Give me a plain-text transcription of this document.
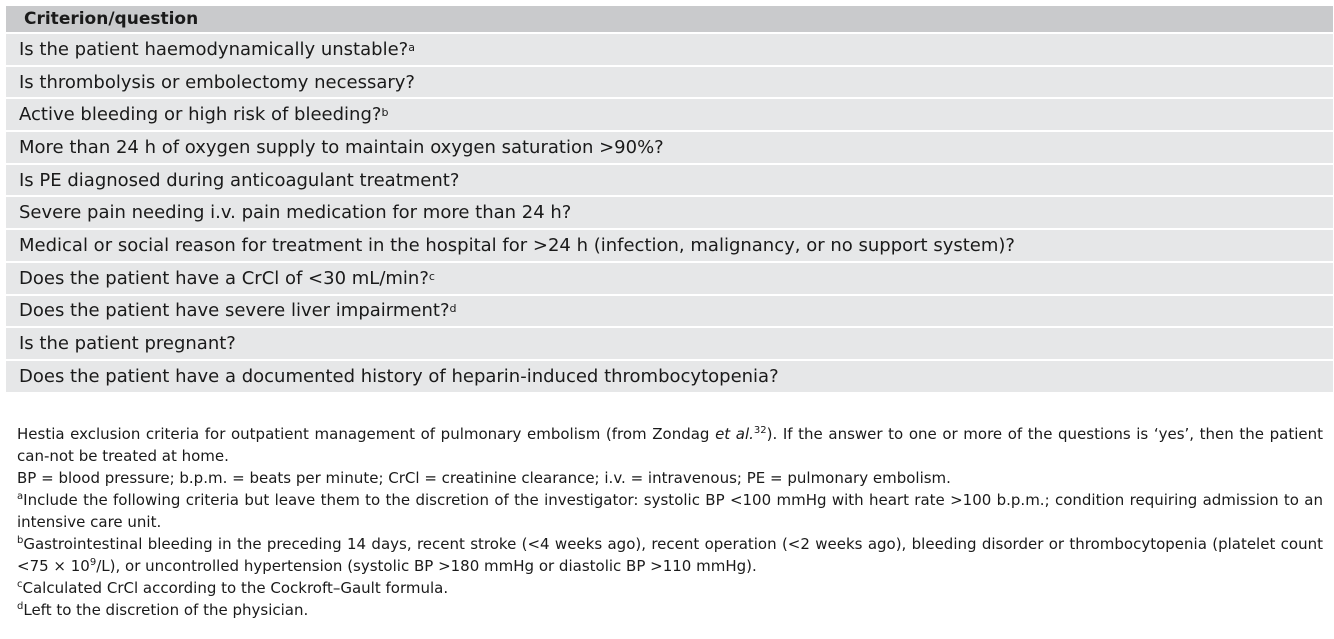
Criterion/question
Is the patient haemodynamically unstable?$^a$
Is thrombolysis or embolectomy necessary?
Active bleeding or high risk of bleeding?$^b$
More than 24 h of oxygen supply to maintain oxygen saturation >90%?
Is PE diagnosed during anticoagulant treatment?
Severe pain needing i.v. pain medication for more than 24 h?
Medical or social reason for treatment in the hospital for >24 h (infection, malignancy, or no support system)?
Does the patient have a CrCl of <30 mL/min?$^c$
Does the patient have severe liver impairment?$^d$
Is the patient pregnant?
Does the patient have a documented history of heparin-induced thrombocytopenia?

Hestia exclusion criteria for outpatient management of pulmonary embolism (from Zondag et al.$^{32}$). If the answer to one or more of the questions is ‘yes’, then the patient can-not be treated at home.

BP = blood pressure; b.p.m. = beats per minute; CrCl = creatinine clearance; i.v. = intravenous; PE = pulmonary embolism.

$^a$Include the following criteria but leave them to the discretion of the investigator: systolic BP <100 mmHg with heart rate >100 b.p.m.; condition requiring admission to an intensive care unit.

$^b$Gastrointestinal bleeding in the preceding 14 days, recent stroke (<4 weeks ago), recent operation (<2 weeks ago), bleeding disorder or thrombocytopenia (platelet count $<75 \times 10^9/L$), or uncontrolled hypertension (systolic BP >180 mmHg or diastolic BP >110 mmHg).

$^c$Calculated CrCl according to the Cockroft–Gault formula.

$^d$Left to the discretion of the physician.
